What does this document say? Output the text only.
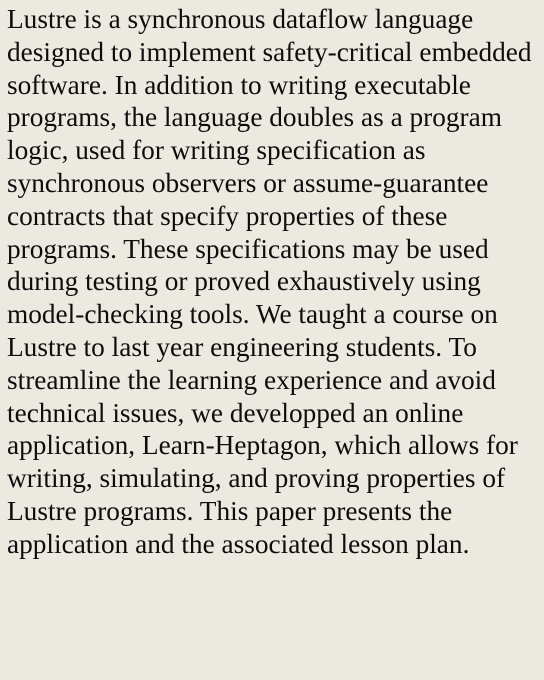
Lustre is a synchronous dataflow language
designed to implement safety-critical embedded
software. In addition to writing executable
programs, the language doubles as a program
logic, used for writing specification as
synchronous observers or assume-guarantee
contracts that specify properties of these
programs. These specifications may be used
during testing or proved exhaustively using
model-checking tools. We taught a course on
Lustre to last year engineering students. To
streamline the learning experience and avoid
technical issues, we developped an online
application, Learn-Heptagon, which allows for
writing, simulating, and proving properties of
Lustre programs. This paper presents the
application and the associated lesson plan.
